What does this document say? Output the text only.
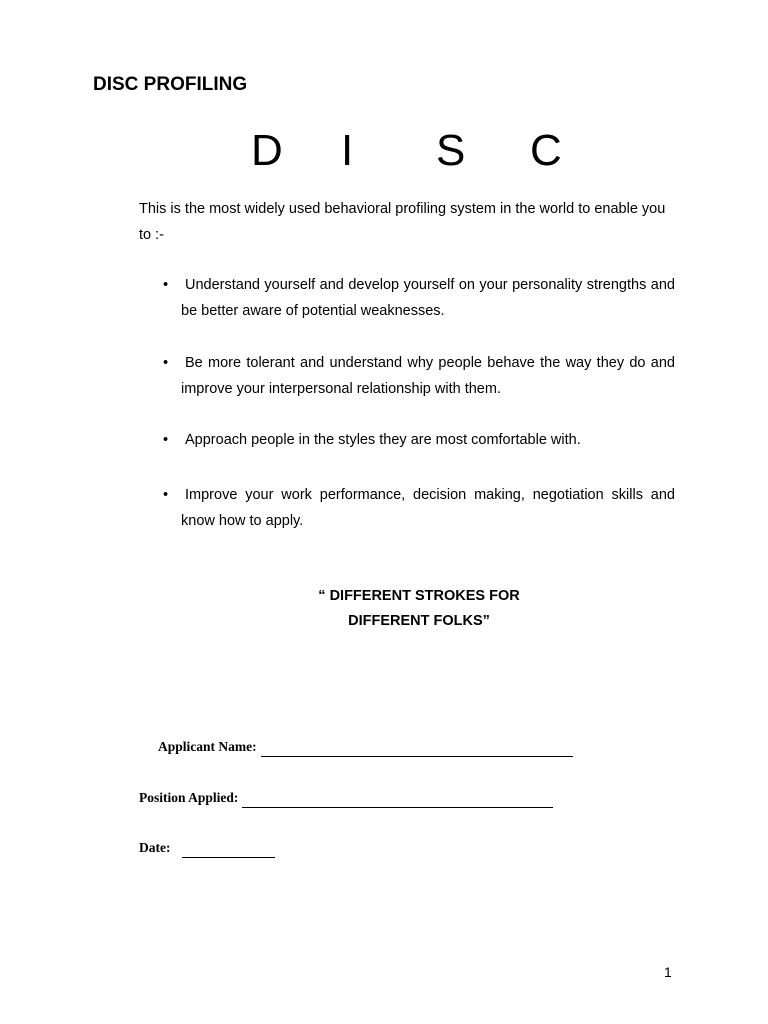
DISC PROFILING
D I S C

This is the most widely used behavioral profiling system in the world to enable you to :-

•	Understand yourself and develop yourself on your personality strengths and be better aware of potential weaknesses.
•	Be more tolerant and understand why people behave the way they do and improve your interpersonal relationship with them.
•	Approach people in the styles they are most comfortable with.
•	Improve your work performance, decision making, negotiation skills and know how to apply.
“ DIFFERENT STROKES FOR
DIFFERENT FOLKS”
Applicant Name:
Position Applied:
Date:
1
